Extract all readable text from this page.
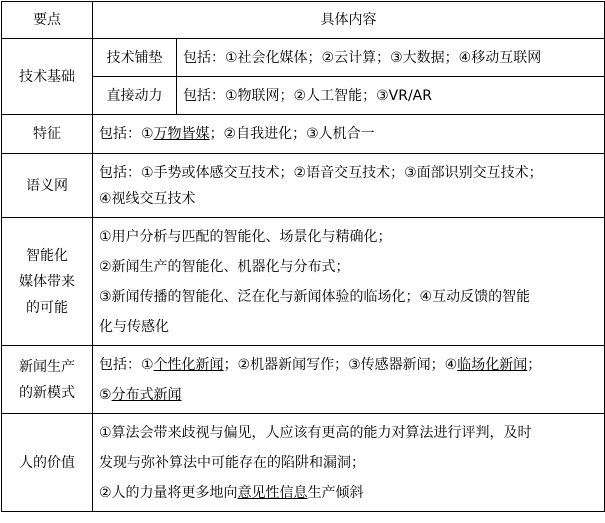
要点	具体内容	
技术基础	技术铺垫	包括：①社会化媒体；②云计算；③大数据；④移动互联网
	直接动力	包括：①物联网；②人工智能；③VR/AR
特征	包括：①万物皆媒；②自我进化；③人机合一	
语义网	包括：①手势或体感交互技术；②语音交互技术；③面部识别交互技术；
④视线交互技术	

智能化
媒体带来
的可能	①用户分析与匹配的智能化、场景化与精确化；
②新闻生产的智能化、机器化与分布式；
③新闻传播的智能化、泛在化与新闻体验的临场化；④互动反馈的智能
化与传感化	

新闻生产
的新模式	包括：①个性化新闻；②机器新闻写作；③传感器新闻；④临场化新闻；
⑤分布式新闻	

人的价值	①算法会带来歧视与偏见，人应该有更高的能力对算法进行评判，及时
发现与弥补算法中可能存在的陷阱和漏洞；
②人的力量将更多地向意见性信息生产倾斜	
